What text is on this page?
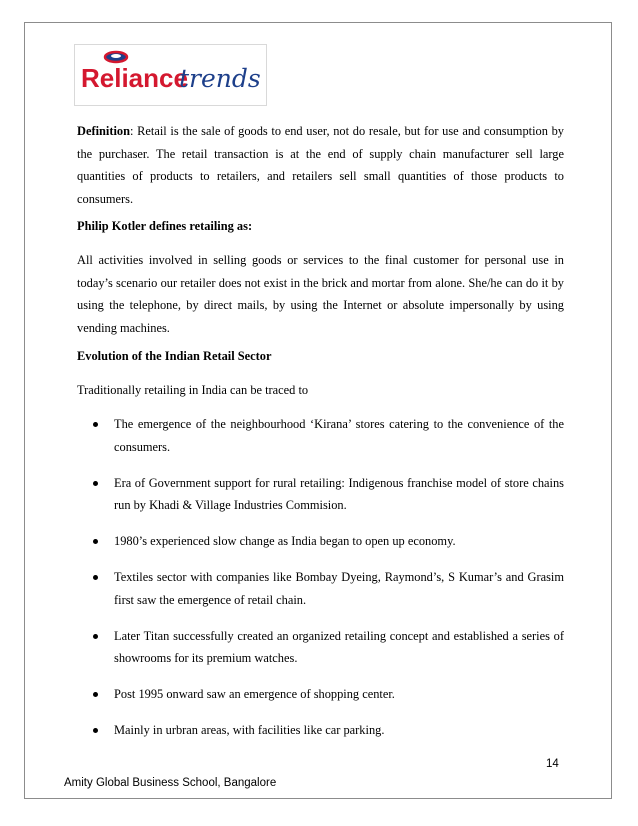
Reliance
trends
Definition: Retail is the sale of goods to end user, not do resale, but for use and consumption by the purchaser. The retail transaction is at the end of supply chain manufacturer sell large quantities of products to retailers, and retailers sell small quantities of those products to consumers.
Philip Kotler defines retailing as:
All activities involved in selling goods or services to the final customer for personal use in today’s scenario our retailer does not exist in the brick and mortar from alone. She/he can do it by using the telephone, by direct mails, by using the Internet or absolute impersonally by using vending machines.
Evolution of the Indian Retail Sector
Traditionally retailing in India can be traced to
The emergence of the neighbourhood ‘Kirana’ stores catering to the convenience of the consumers.
Era of Government support for rural retailing: Indigenous franchise model of store chains run by Khadi & Village Industries Commision.
1980’s experienced slow change as India began to open up economy.
Textiles sector with companies like Bombay Dyeing, Raymond’s, S Kumar’s and Grasim first saw the emergence of retail chain.
Later Titan successfully created an organized retailing concept and established a series of showrooms for its premium watches.
Post 1995 onward saw an emergence of shopping center.
Mainly in urbran areas, with facilities like car parking.
14
Amity Global Business School, Bangalore
